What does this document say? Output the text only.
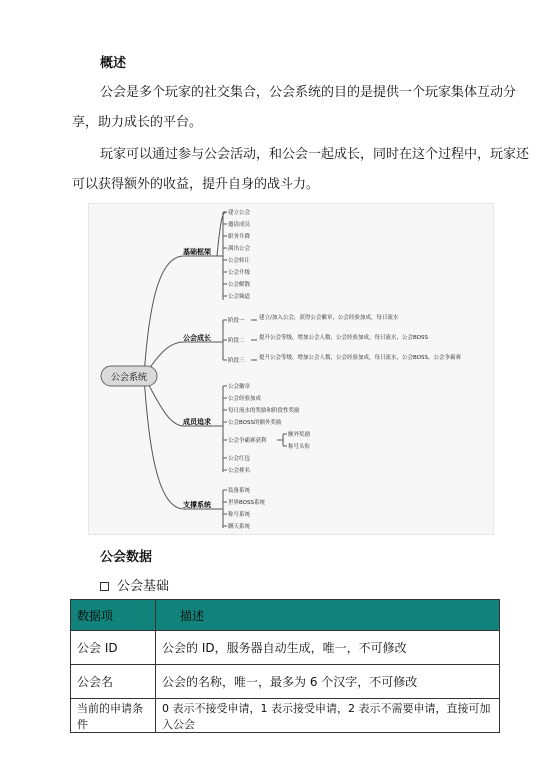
概述
公会是多个玩家的社交集合，公会系统的目的是提供一个玩家集体互动分
享，助力成长的平台。
玩家可以通过参与公会活动，和公会一起成长，同时在这个过程中，玩家还
可以获得额外的收益，提升自身的战斗力。
公会系统
基础框架
公会成长
成员追求
支撑系统
建立公会
邀请成员
职务升降
满出公会
公会转让
公会升级
公会解散
公会频道
阶段一	建立/加入公会，获得公会徽章，公会经验加成，每日流水
阶段二	提升公会等级，增加公会人数，公会经验加成，每日流水，公会BOSS
阶段三	提升公会等级，增加公会人数，公会经验加成，每日流水，公会BOSS，公会争霸赛
公会徽章
公会经验加成
每日流水的奖励和阶段性奖励
公会BOSS的额外奖励
公会争霸赛获利
额外奖励
称号头衔
公会红包
公会排名
装备系统
世界BOSS系统
称号系统
聊天系统
公会数据
公会基础
数据项	描述
公会 ID	公会的 ID，服务器自动生成，唯一，不可修改
公会名	公会的名称，唯一，最多为 6 个汉字，不可修改
当前的申请条件	0 表示不接受申请，1 表示接受申请，2 表示不需要申请，直接可加入公会
